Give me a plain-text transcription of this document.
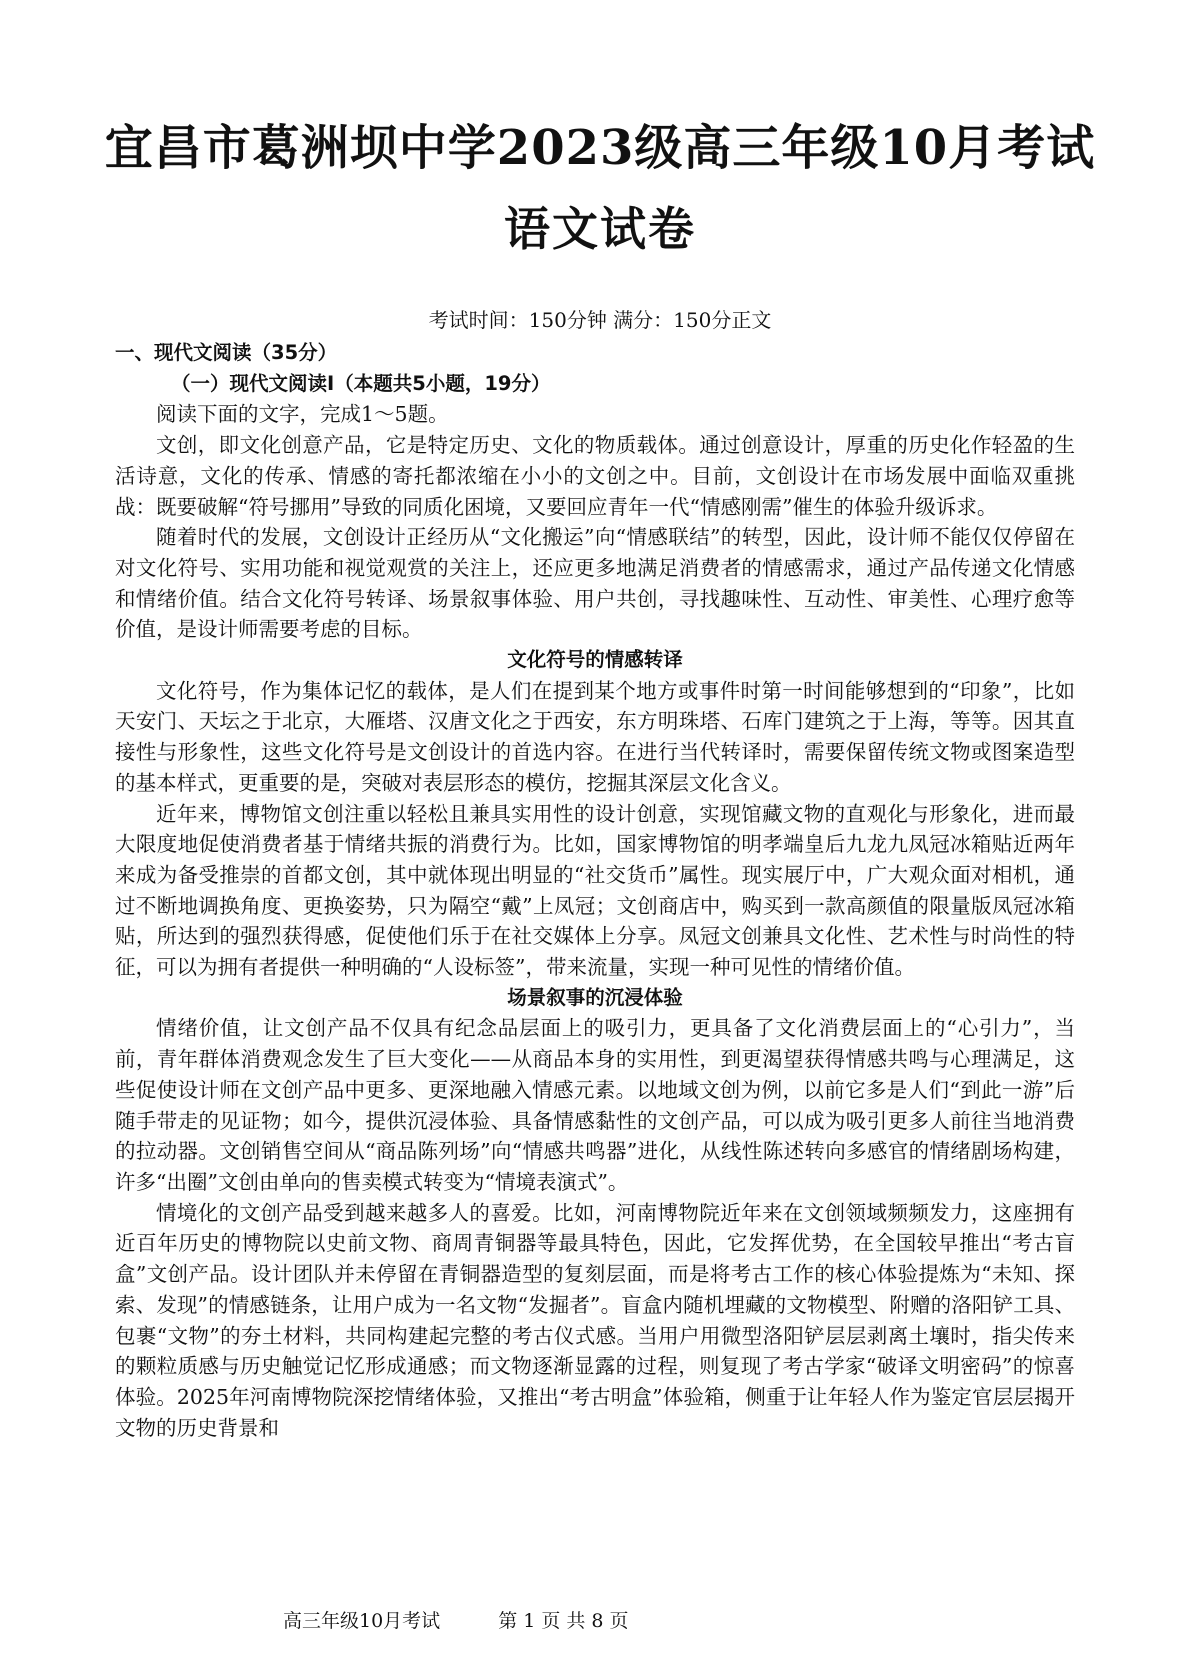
宜昌市葛洲坝中学2023级高三年级10月考试
语文试卷
考试时间：150分钟 满分：150分正文

一、现代文阅读（35分）

（一）现代文阅读Ⅰ（本题共5小题，19分）

阅读下面的文字，完成1～5题。

文创，即文化创意产品，它是特定历史、文化的物质载体。通过创意设计，厚重的历史化作轻盈的生活诗意，文化的传承、情感的寄托都浓缩在小小的文创之中。目前，文创设计在市场发展中面临双重挑战：既要破解“符号挪用”导致的同质化困境，又要回应青年一代“情感刚需”催生的体验升级诉求。

随着时代的发展，文创设计正经历从“文化搬运”向“情感联结”的转型，因此，设计师不能仅仅停留在对文化符号、实用功能和视觉观赏的关注上，还应更多地满足消费者的情感需求，通过产品传递文化情感和情绪价值。结合文化符号转译、场景叙事体验、用户共创，寻找趣味性、互动性、审美性、心理疗愈等价值，是设计师需要考虑的目标。

文化符号的情感转译

文化符号，作为集体记忆的载体，是人们在提到某个地方或事件时第一时间能够想到的“印象”，比如天安门、天坛之于北京，大雁塔、汉唐文化之于西安，东方明珠塔、石库门建筑之于上海，等等。因其直接性与形象性，这些文化符号是文创设计的首选内容。在进行当代转译时，需要保留传统文物或图案造型的基本样式，更重要的是，突破对表层形态的模仿，挖掘其深层文化含义。

近年来，博物馆文创注重以轻松且兼具实用性的设计创意，实现馆藏文物的直观化与形象化，进而最大限度地促使消费者基于情绪共振的消费行为。比如，国家博物馆的明孝端皇后九龙九凤冠冰箱贴近两年来成为备受推崇的首都文创，其中就体现出明显的“社交货币”属性。现实展厅中，广大观众面对相机，通过不断地调换角度、更换姿势，只为隔空“戴”上凤冠；文创商店中，购买到一款高颜值的限量版凤冠冰箱贴，所达到的强烈获得感，促使他们乐于在社交媒体上分享。凤冠文创兼具文化性、艺术性与时尚性的特征，可以为拥有者提供一种明确的“人设标签”，带来流量，实现一种可见性的情绪价值。

场景叙事的沉浸体验

情绪价值，让文创产品不仅具有纪念品层面上的吸引力，更具备了文化消费层面上的“心引力”，当前，青年群体消费观念发生了巨大变化——从商品本身的实用性，到更渴望获得情感共鸣与心理满足，这些促使设计师在文创产品中更多、更深地融入情感元素。以地域文创为例，以前它多是人们“到此一游”后随手带走的见证物；如今，提供沉浸体验、具备情感黏性的文创产品，可以成为吸引更多人前往当地消费的拉动器。文创销售空间从“商品陈列场”向“情感共鸣器”进化，从线性陈述转向多感官的情绪剧场构建，许多“出圈”文创由单向的售卖模式转变为“情境表演式”。

情境化的文创产品受到越来越多人的喜爱。比如，河南博物院近年来在文创领域频频发力，这座拥有近百年历史的博物院以史前文物、商周青铜器等最具特色，因此，它发挥优势，在全国较早推出“考古盲盒”文创产品。设计团队并未停留在青铜器造型的复刻层面，而是将考古工作的核心体验提炼为“未知、探索、发现”的情感链条，让用户成为一名文物“发掘者”。盲盒内随机埋藏的文物模型、附赠的洛阳铲工具、包裹“文物”的夯土材料，共同构建起完整的考古仪式感。当用户用微型洛阳铲层层剥离土壤时，指尖传来的颗粒质感与历史触觉记忆形成通感；而文物逐渐显露的过程，则复现了考古学家“破译文明密码”的惊喜体验。2025年河南博物院深挖情绪体验，又推出“考古明盒”体验箱，侧重于让年轻人作为鉴定官层层揭开文物的历史背景和

高三年级10月考试	第 1 页 共 8 页
